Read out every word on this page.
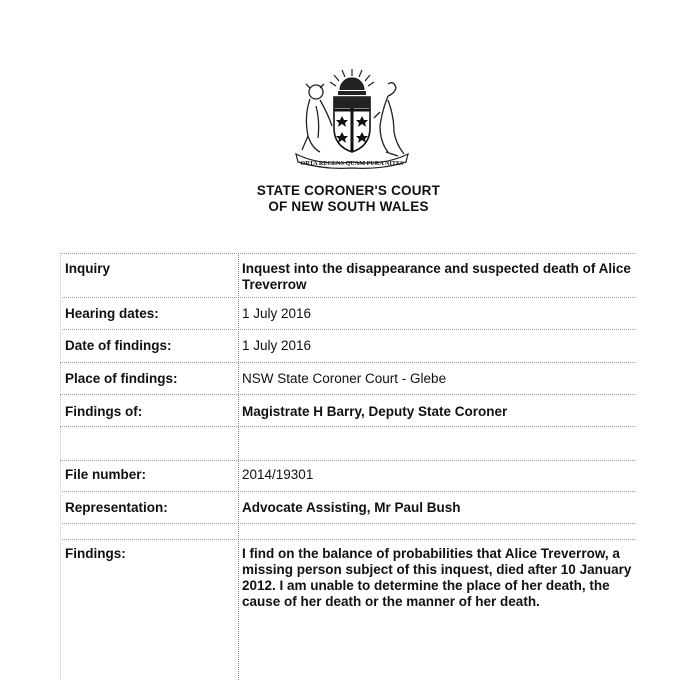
ORTA RECENS QUAM PURA NITES
STATE CORONER'S COURT
OF NEW SOUTH WALES
Inquiry	Inquest into the disappearance and suspected death of Alice Treverrow
Hearing dates:	1 July 2016
Date of findings:	1 July 2016
Place of findings:	NSW State Coroner Court - Glebe
Findings of:	Magistrate H Barry, Deputy State Coroner
File number:	2014/19301
Representation:	Advocate Assisting, Mr Paul Bush
Findings:	I find on the balance of probabilities that Alice Treverrow, a missing person subject of this inquest, died after 10 January 2012. I am unable to determine the place of her death, the cause of her death or the manner of her death.
